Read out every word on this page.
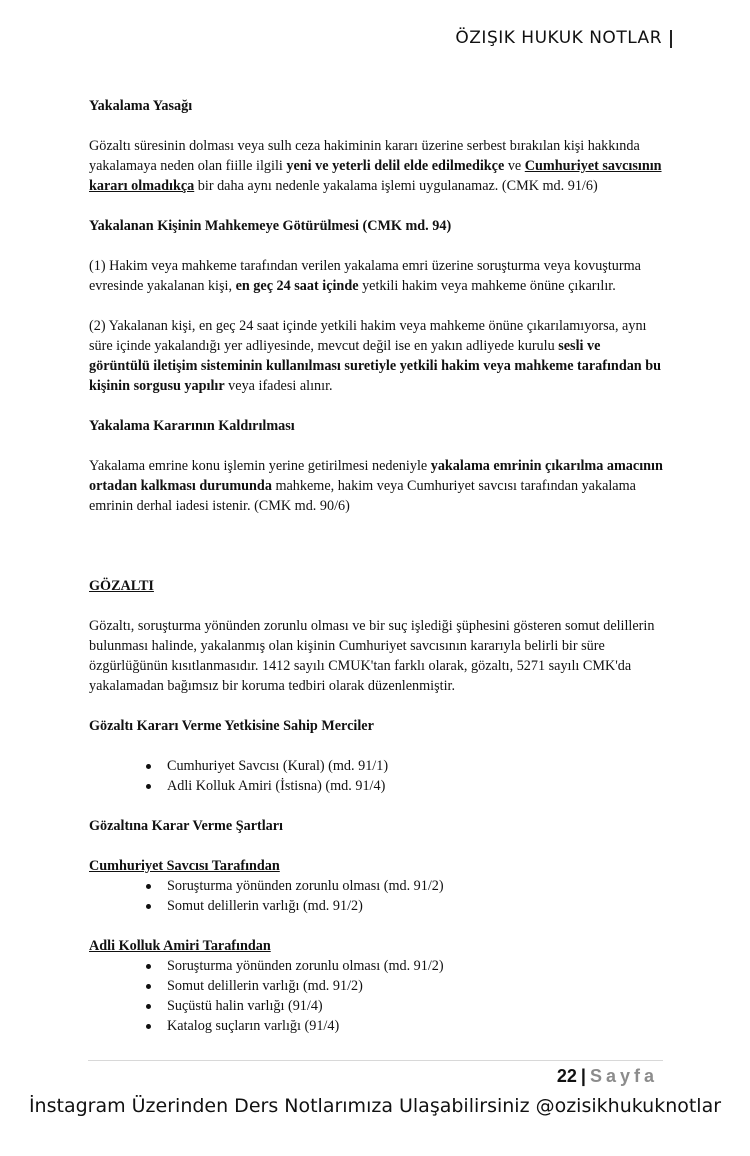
ÖZIŞIK HUKUK NOTLAR

Yakalama Yasağı

Gözaltı süresinin dolması veya sulh ceza hakiminin kararı üzerine serbest bırakılan kişi hakkında yakalamaya neden olan fiille ilgili yeni ve yeterli delil elde edilmedikçe ve Cumhuriyet savcısının kararı olmadıkça bir daha aynı nedenle yakalama işlemi uygulanamaz. (CMK md. 91/6)

Yakalanan Kişinin Mahkemeye Götürülmesi (CMK md. 94)

(1) Hakim veya mahkeme tarafından verilen yakalama emri üzerine soruşturma veya kovuşturma evresinde yakalanan kişi, en geç 24 saat içinde yetkili hakim veya mahkeme önüne çıkarılır.

(2) Yakalanan kişi, en geç 24 saat içinde yetkili hakim veya mahkeme önüne çıkarılamıyorsa, aynı süre içinde yakalandığı yer adliyesinde, mevcut değil ise en yakın adliyede kurulu sesli ve görüntülü iletişim sisteminin kullanılması suretiyle yetkili hakim veya mahkeme tarafından bu kişinin sorgusu yapılır veya ifadesi alınır.

Yakalama Kararının Kaldırılması

Yakalama emrine konu işlemin yerine getirilmesi nedeniyle yakalama emrinin çıkarılma amacının ortadan kalkması durumunda mahkeme, hakim veya Cumhuriyet savcısı tarafından yakalama emrinin derhal iadesi istenir. (CMK md. 90/6)

GÖZALTI

Gözaltı, soruşturma yönünden zorunlu olması ve bir suç işlediği şüphesini gösteren somut delillerin bulunması halinde, yakalanmış olan kişinin Cumhuriyet savcısının kararıyla belirli bir süre özgürlüğünün kısıtlanmasıdır. 1412 sayılı CMUK'tan farklı olarak, gözaltı, 5271 sayılı CMK'da yakalamadan bağımsız bir koruma tedbiri olarak düzenlenmiştir.

Gözaltı Kararı Verme Yetkisine Sahip Merciler

Cumhuriyet Savcısı (Kural) (md. 91/1)
Adli Kolluk Amiri (İstisna) (md. 91/4)

Gözaltına Karar Verme Şartları

Cumhuriyet Savcısı Tarafından

Soruşturma yönünden zorunlu olması (md. 91/2)
Somut delillerin varlığı (md. 91/2)

Adli Kolluk Amiri Tarafından

Soruşturma yönünden zorunlu olması (md. 91/2)
Somut delillerin varlığı (md. 91/2)
Suçüstü halin varlığı (91/4)
Katalog suçların varlığı (91/4)
22 | Sayfa
İnstagram Üzerinden Ders Notlarımıza Ulaşabilirsiniz @ozisikhukuknotlar
